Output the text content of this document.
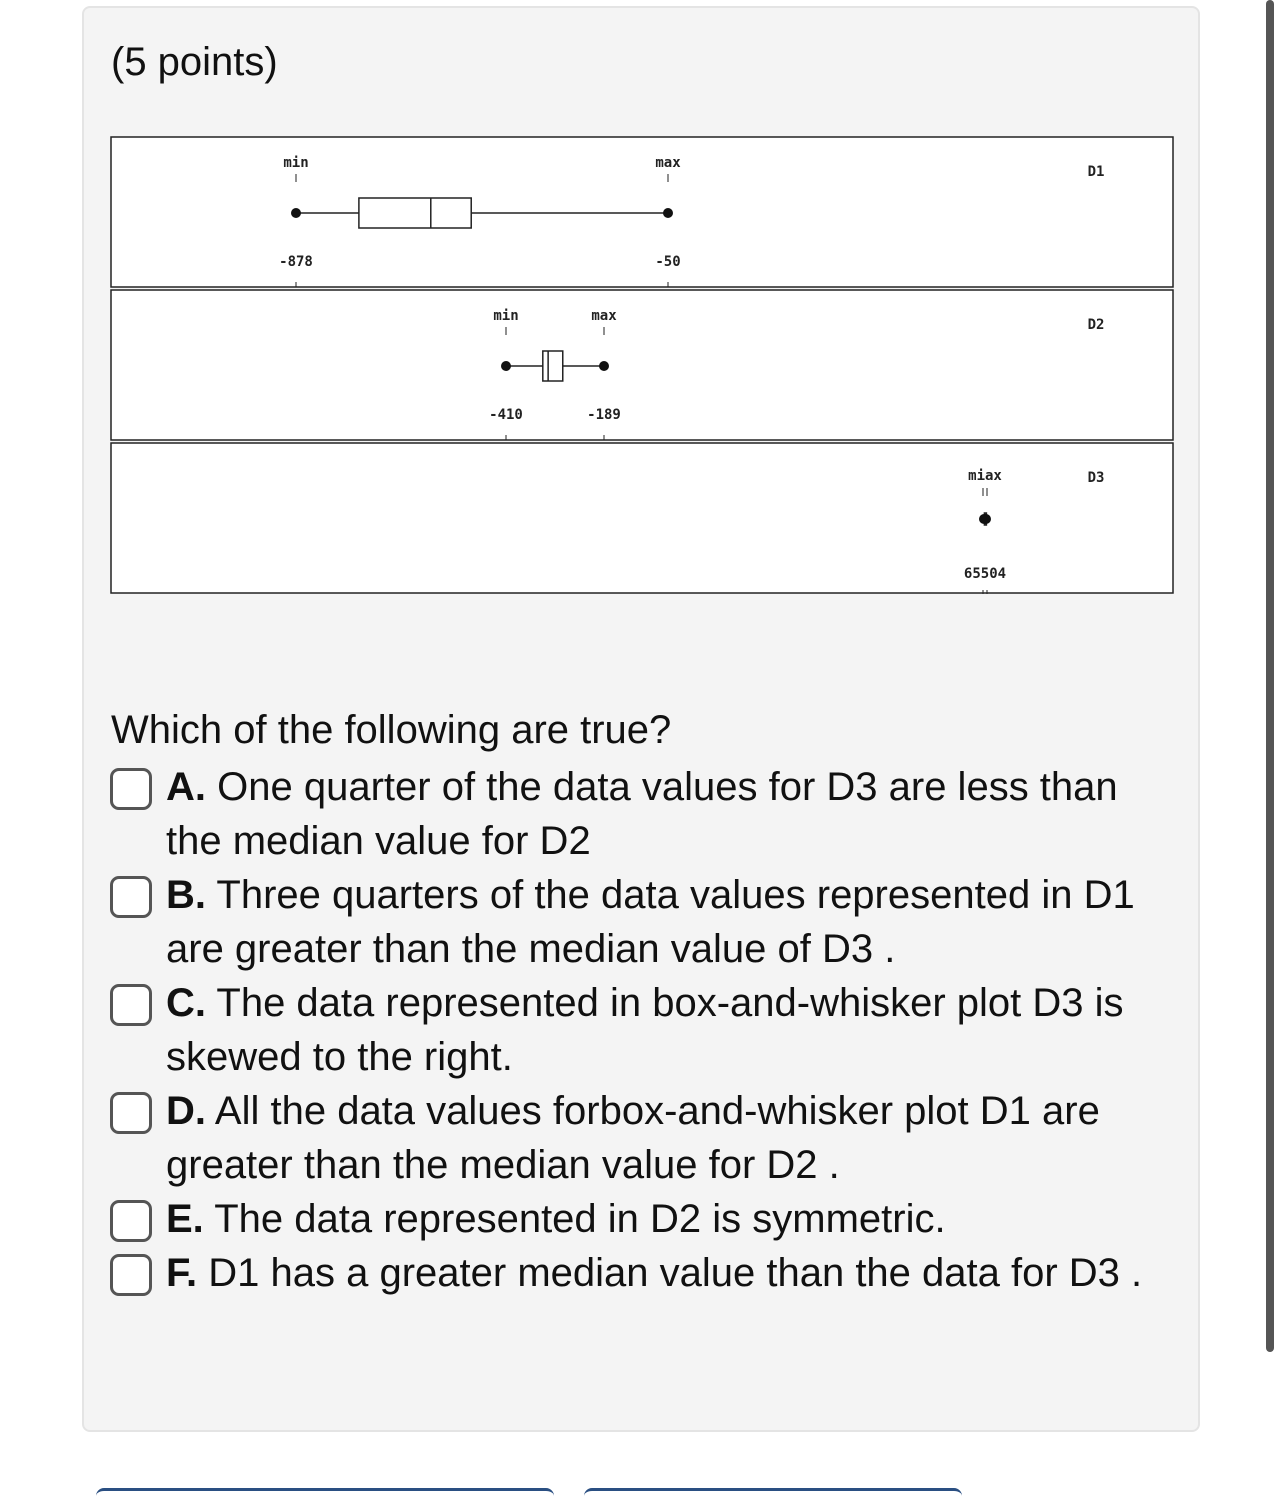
(5 points)
D1
min	max
-878	-50
D2
min	max
-410	-189
D3
miax
65504
Which of the following are true?
A. One quarter of the data values for D3 are less than the median value for D2
B. Three quarters of the data values represented in D1 are greater than the median value of D3 .
C. The data represented in box-and-whisker plot D3 is skewed to the right.
D. All the data values forbox-and-whisker plot D1 are greater than the median value for D2 .
E. The data represented in D2 is symmetric.
F. D1 has a greater median value than the data for D3 .
